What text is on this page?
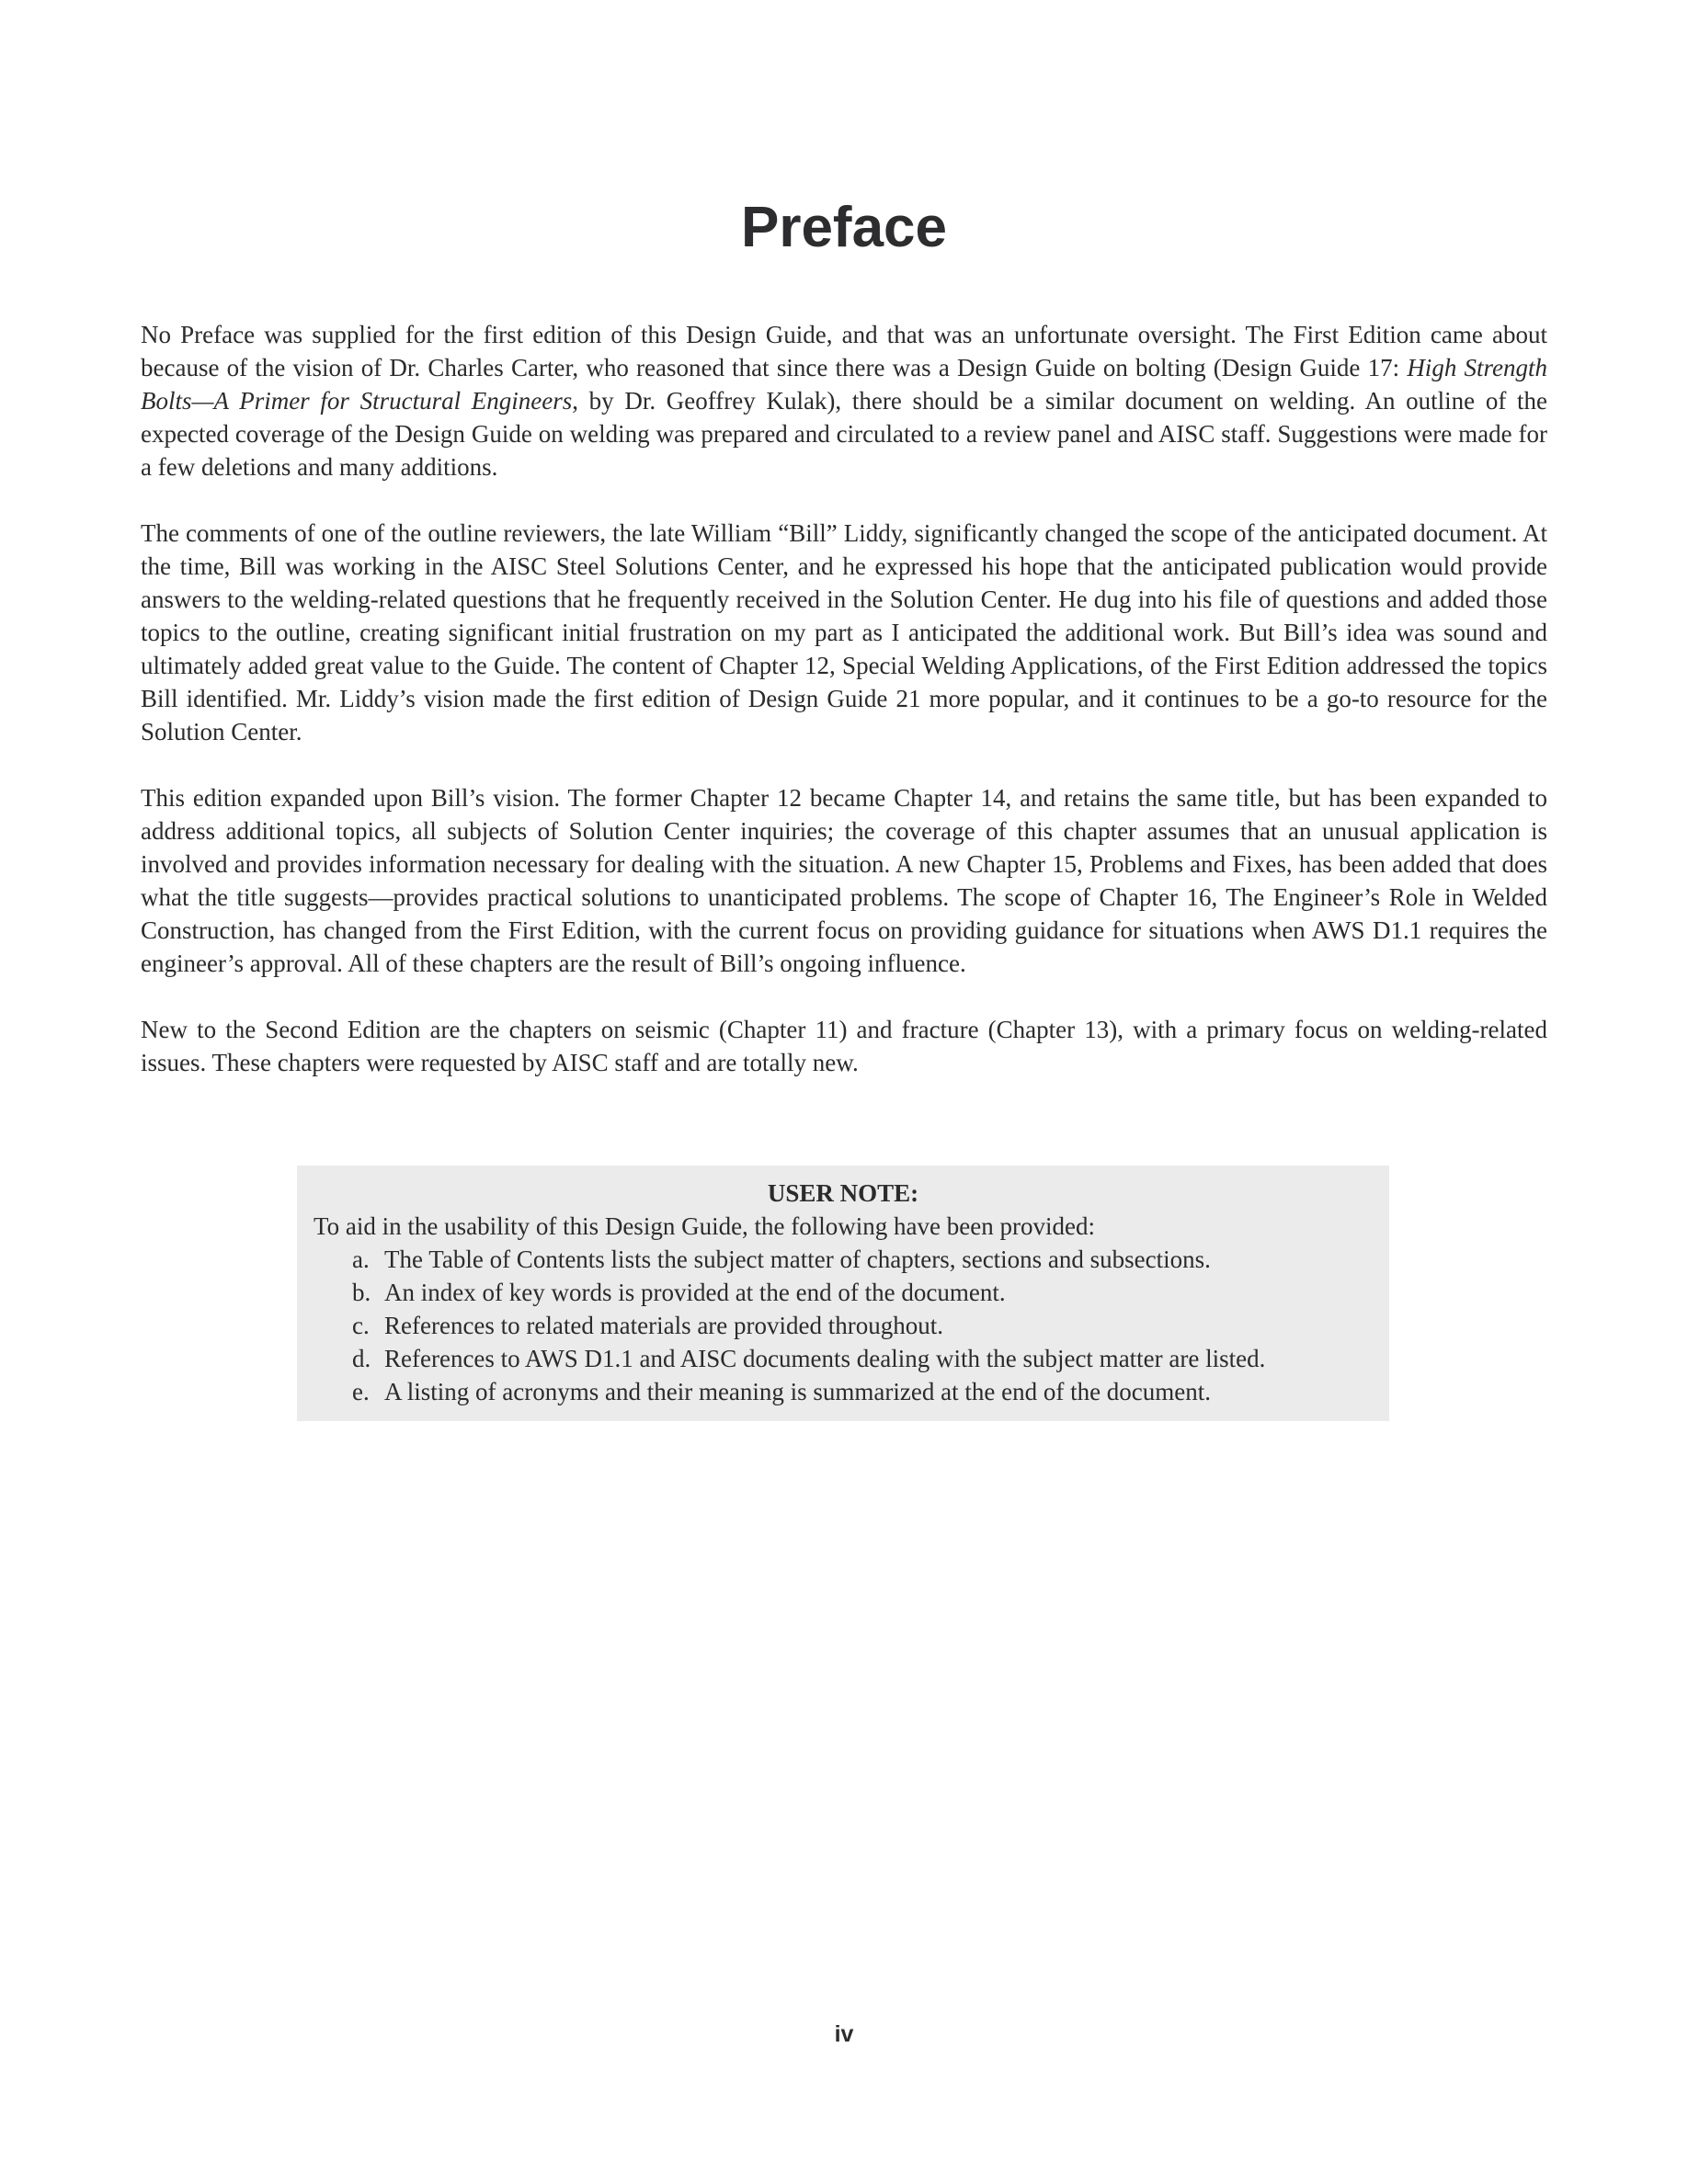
Preface

No Preface was supplied for the first edition of this Design Guide, and that was an unfortunate oversight. The First Edition came about because of the vision of Dr. Charles Carter, who reasoned that since there was a Design Guide on bolting (Design Guide 17: High Strength Bolts—A Primer for Structural Engineers, by Dr. Geoffrey Kulak), there should be a similar document on welding. An outline of the expected coverage of the Design Guide on welding was prepared and circulated to a review panel and AISC staff. Suggestions were made for a few deletions and many additions.

The comments of one of the outline reviewers, the late William “Bill” Liddy, significantly changed the scope of the anticipated document. At the time, Bill was working in the AISC Steel Solutions Center, and he expressed his hope that the anticipated publication would provide answers to the welding-related questions that he frequently received in the Solution Center. He dug into his file of questions and added those topics to the outline, creating significant initial frustration on my part as I anticipated the additional work. But Bill’s idea was sound and ultimately added great value to the Guide. The content of Chapter 12, Special Welding Applications, of the First Edition addressed the topics Bill identified. Mr. Liddy’s vision made the first edition of Design Guide 21 more popular, and it continues to be a go-to resource for the Solution Center.

This edition expanded upon Bill’s vision. The former Chapter 12 became Chapter 14, and retains the same title, but has been expanded to address additional topics, all subjects of Solution Center inquiries; the coverage of this chapter assumes that an unusual application is involved and provides information necessary for dealing with the situation. A new Chapter 15, Problems and Fixes, has been added that does what the title suggests—provides practical solutions to unanticipated problems. The scope of Chapter 16, The Engineer’s Role in Welded Construction, has changed from the First Edition, with the current focus on providing guidance for situations when AWS D1.1 requires the engineer’s approval. All of these chapters are the result of Bill’s ongoing influence.

New to the Second Edition are the chapters on seismic (Chapter 11) and fracture (Chapter 13), with a primary focus on welding-related issues. These chapters were requested by AISC staff and are totally new.

USER NOTE:

To aid in the usability of this Design Guide, the following have been provided:

a. The Table of Contents lists the subject matter of chapters, sections and subsections.
b. An index of key words is provided at the end of the document.
c. References to related materials are provided throughout.
d. References to AWS D1.1 and AISC documents dealing with the subject matter are listed.
e. A listing of acronyms and their meaning is summarized at the end of the document.
iv
